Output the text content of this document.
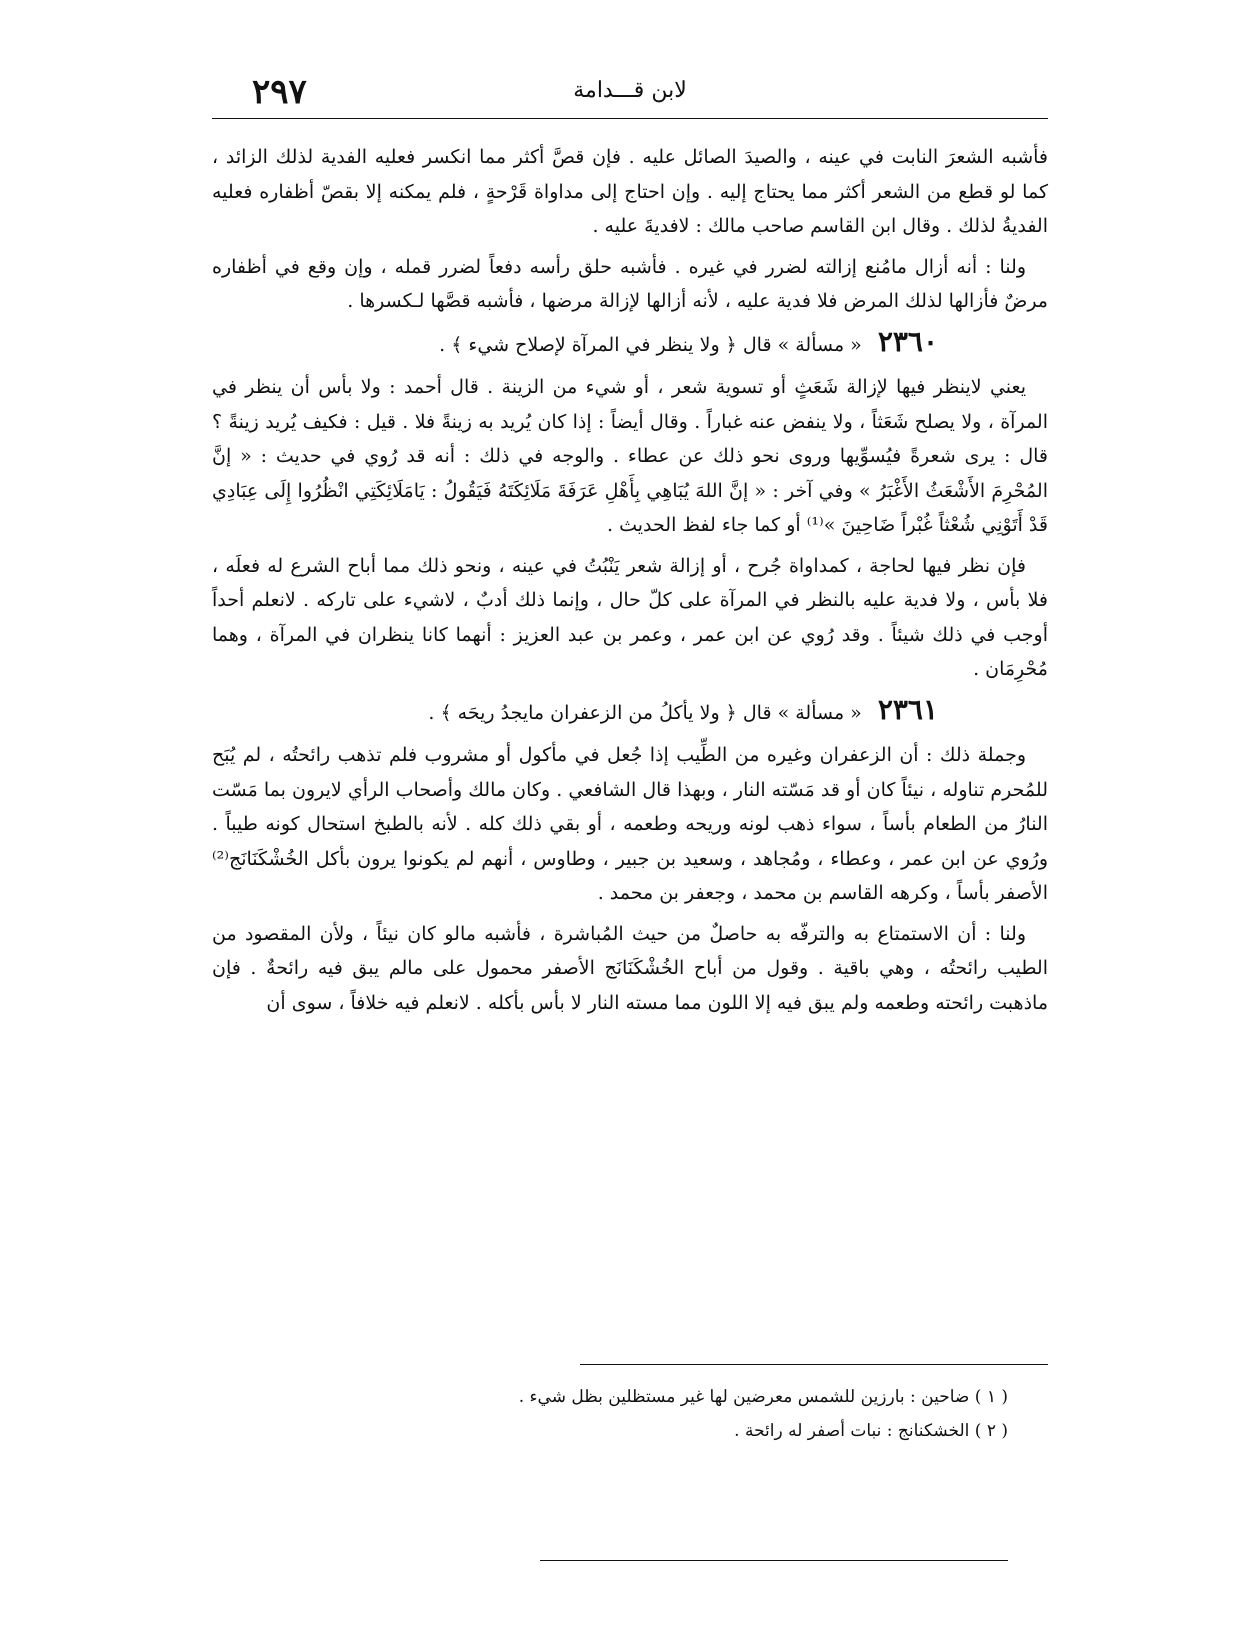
٢٩٧	لابن قـــدامة

فأشبه الشعرَ النابت في عينه ، والصيدَ الصائل عليه . فإن قصَّ أكثر مما انكسر فعليه الفدية لذلك الزائد ، كما لو قطع من الشعر أكثر مما يحتاج إليه . وإن احتاج إلى مداواة قَرْحةٍ ، فلم يمكنه إلا بقصّ أظفاره فعليه الفديةُ لذلك . وقال ابن القاسم صاحب مالك : لافديةَ عليه .

ولنا : أنه أزال مامُنع إزالته لضرر في غيره . فأشبه حلق رأسه دفعاً لضرر قمله ، وإن وقع في أظفاره مرضٌ فأزالها لذلك المرض فلا فدية عليه ، لأنه أزالها لإزالة مرضها ، فأشبه قصَّها لـكسرها .

٢٣٦٠ « مسألة » قال ﴿ ولا ينظر في المرآة لإصلاح شيء ﴾ .

يعني لاينظر فيها لإزالة شَعَثٍ أو تسوية شعر ، أو شيء من الزينة . قال أحمد : ولا بأس أن ينظر في المرآة ، ولا يصلح شَعَثاً ، ولا ينفض عنه غباراً . وقال أيضاً : إذا كان يُريد به زينةً فلا . قيل : فكيف يُريد زينةً ؟ قال : يرى شعرةً فيُسوِّيها وروى نحو ذلك عن عطاء . والوجه في ذلك : أنه قد رُوي في حديث : « إنَّ المُحْرِمَ الأَشْعَثُ الأَغْبَرُ » وفي آخر : « إنَّ اللهَ يُبَاهِي بِأَهْلِ عَرَفَةَ مَلَائِكَتَهُ فَيَقُولُ : يَامَلَائِكَتِي انْظُرُوا إِلَى عِبَادِي قَدْ أَتَوْنِي شُعْثاً غُبْراً ضَاحِينَ »⁽¹⁾ أو كما جاء لفظ الحديث .

فإن نظر فيها لحاجة ، كمداواة جُرح ، أو إزالة شعر يَنْبُتُ في عينه ، ونحو ذلك مما أباح الشرع له فعلَه ، فلا بأس ، ولا فدية عليه بالنظر في المرآة على كلّ حال ، وإنما ذلك أدبٌ ، لاشيء على تاركه . لانعلم أحداً أوجب في ذلك شيئاً . وقد رُوي عن ابن عمر ، وعمر بن عبد العزيز : أنهما كانا ينظران في المرآة ، وهما مُحْرِمَان .

٢٣٦١ « مسألة » قال ﴿ ولا يأكلُ من الزعفران مايجدُ ريحَه ﴾ .

وجملة ذلك : أن الزعفران وغيره من الطِّيب إذا جُعل في مأكول أو مشروب فلم تذهب رائحتُه ، لم يُبَح للمُحرم تناوله ، نيئاً كان أو قد مَسّته النار ، وبهذا قال الشافعي . وكان مالك وأصحاب الرأي لايرون بما مَسّت النارُ من الطعام بأساً ، سواء ذهب لونه وريحه وطعمه ، أو بقي ذلك كله . لأنه بالطبخ استحال كونه طيباً . ورُوي عن ابن عمر ، وعطاء ، ومُجاهد ، وسعيد بن جبير ، وطاوس ، أنهم لم يكونوا يرون بأكل الخُشْكَنَانَج⁽²⁾ الأصفر بأساً ، وكرهه القاسم بن محمد ، وجعفر بن محمد .

ولنا : أن الاستمتاع به والترفّه به حاصلٌ من حيث المُباشرة ، فأشبه مالو كان نيئاً ، ولأن المقصود من الطيب رائحتُه ، وهي باقية . وقول من أباح الخُشْكَنَانَج الأصفر محمول على مالم يبق فيه رائحةٌ . فإن ماذهبت رائحته وطعمه ولم يبق فيه إلا اللون مما مسته النار لا بأس بأكله . لانعلم فيه خلافاً ، سوى أن

( ١ ) ضاحين : بارزين للشمس معرضين لها غير مستظلين بظل شيء .
( ٢ ) الخشكنانج : نبات أصفر له رائحة .
